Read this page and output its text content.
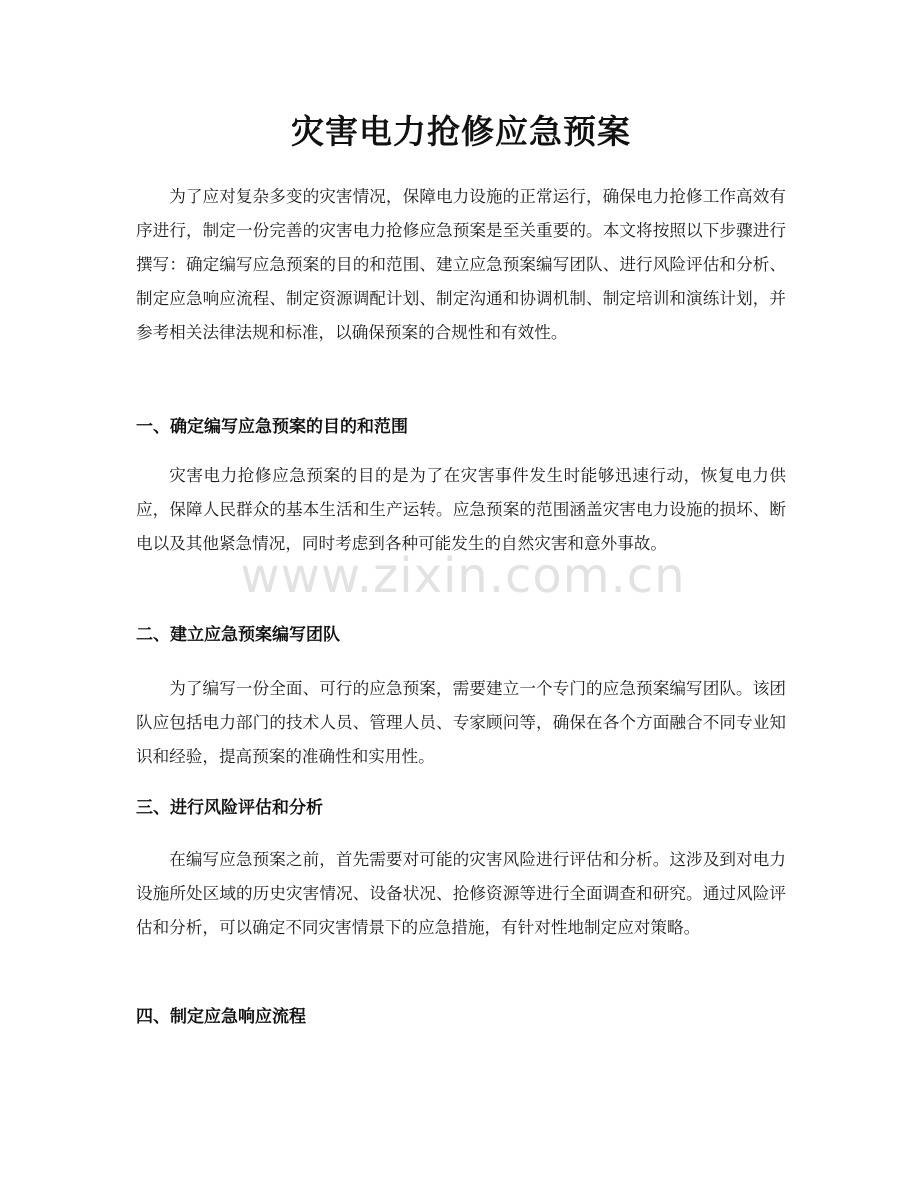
灾害电力抢修应急预案

为了应对复杂多变的灾害情况，保障电力设施的正常运行，确保电力抢修工作高效有序进行，制定一份完善的灾害电力抢修应急预案是至关重要的。本文将按照以下步骤进行撰写：确定编写应急预案的目的和范围、建立应急预案编写团队、进行风险评估和分析、制定应急响应流程、制定资源调配计划、制定沟通和协调机制、制定培训和演练计划，并参考相关法律法规和标准，以确保预案的合规性和有效性。

一、确定编写应急预案的目的和范围

灾害电力抢修应急预案的目的是为了在灾害事件发生时能够迅速行动，恢复电力供应，保障人民群众的基本生活和生产运转。应急预案的范围涵盖灾害电力设施的损坏、断电以及其他紧急情况，同时考虑到各种可能发生的自然灾害和意外事故。

二、建立应急预案编写团队

为了编写一份全面、可行的应急预案，需要建立一个专门的应急预案编写团队。该团队应包括电力部门的技术人员、管理人员、专家顾问等，确保在各个方面融合不同专业知识和经验，提高预案的准确性和实用性。

三、进行风险评估和分析

在编写应急预案之前，首先需要对可能的灾害风险进行评估和分析。这涉及到对电力设施所处区域的历史灾害情况、设备状况、抢修资源等进行全面调查和研究。通过风险评估和分析，可以确定不同灾害情景下的应急措施，有针对性地制定应对策略。

四、制定应急响应流程
www.zixin.com.cn
